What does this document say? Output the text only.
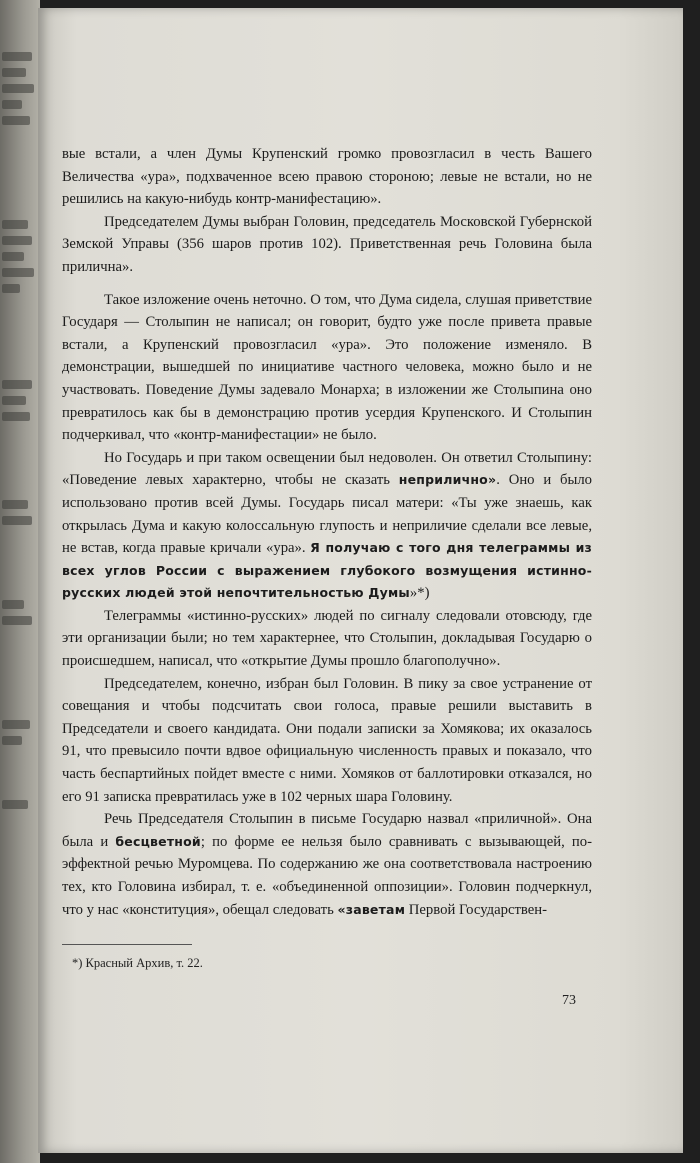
вые встали, а член Думы Крупенский громко провозгласил в честь Вашего Величества «ура», подхваченное всею правою стороною; левые не встали, но не решились на какую-нибудь контр-манифестацию».

Председателем Думы выбран Головин, председатель Московской Губернской Земской Управы (356 шаров против 102). Приветственная речь Головина была прилична».

Такое изложение очень неточно. О том, что Дума сидела, слушая приветствие Государя — Столыпин не написал; он говорит, будто уже после привета правые встали, а Крупенский провозгласил «ура». Это положение изменяло. В демонстрации, вышедшей по инициативе частного человека, можно было и не участвовать. Поведение Думы задевало Монарха; в изложении же Столыпина оно превратилось как бы в демонстрацию против усердия Крупенского. И Столыпин подчеркивал, что «контр-манифестации» не было.

Но Государь и при таком освещении был недоволен. Он ответил Столыпину: «Поведение левых характерно, чтобы не сказать неприлично». Оно и было использовано против всей Думы. Государь писал матери: «Ты уже знаешь, как открылась Дума и какую колоссальную глупость и неприличие сделали все левые, не встав, когда правые кричали «ура». Я получаю с того дня телеграммы из всех углов России с выражением глубокого возмущения истинно-русских людей этой непочтительностью Думы»*)

Телеграммы «истинно-русских» людей по сигналу следовали отовсюду, где эти организации были; но тем характернее, что Столыпин, докладывая Государю о происшедшем, написал, что «открытие Думы прошло благополучно».

Председателем, конечно, избран был Головин. В пику за свое устранение от совещания и чтобы подсчитать свои голоса, правые решили выставить в Председатели и своего кандидата. Они подали записки за Хомякова; их оказалось 91, что превысило почти вдвое официальную численность правых и показало, что часть беспартийных пойдет вместе с ними. Хомяков от баллотировки отказался, но его 91 записка превратилась уже в 102 черных шара Головину.

Речь Председателя Столыпин в письме Государю назвал «приличной». Она была и бесцветной; по форме ее нельзя было сравнивать с вызывающей, по-эффектной речью Муромцева. По содержанию же она соответствовала настроению тех, кто Головина избирал, т. е. «объединенной оппозиции». Головин подчеркнул, что у нас «конституция», обещал следовать «заветам Первой Государствен-

*) Красный Архив, т. 22.
73
